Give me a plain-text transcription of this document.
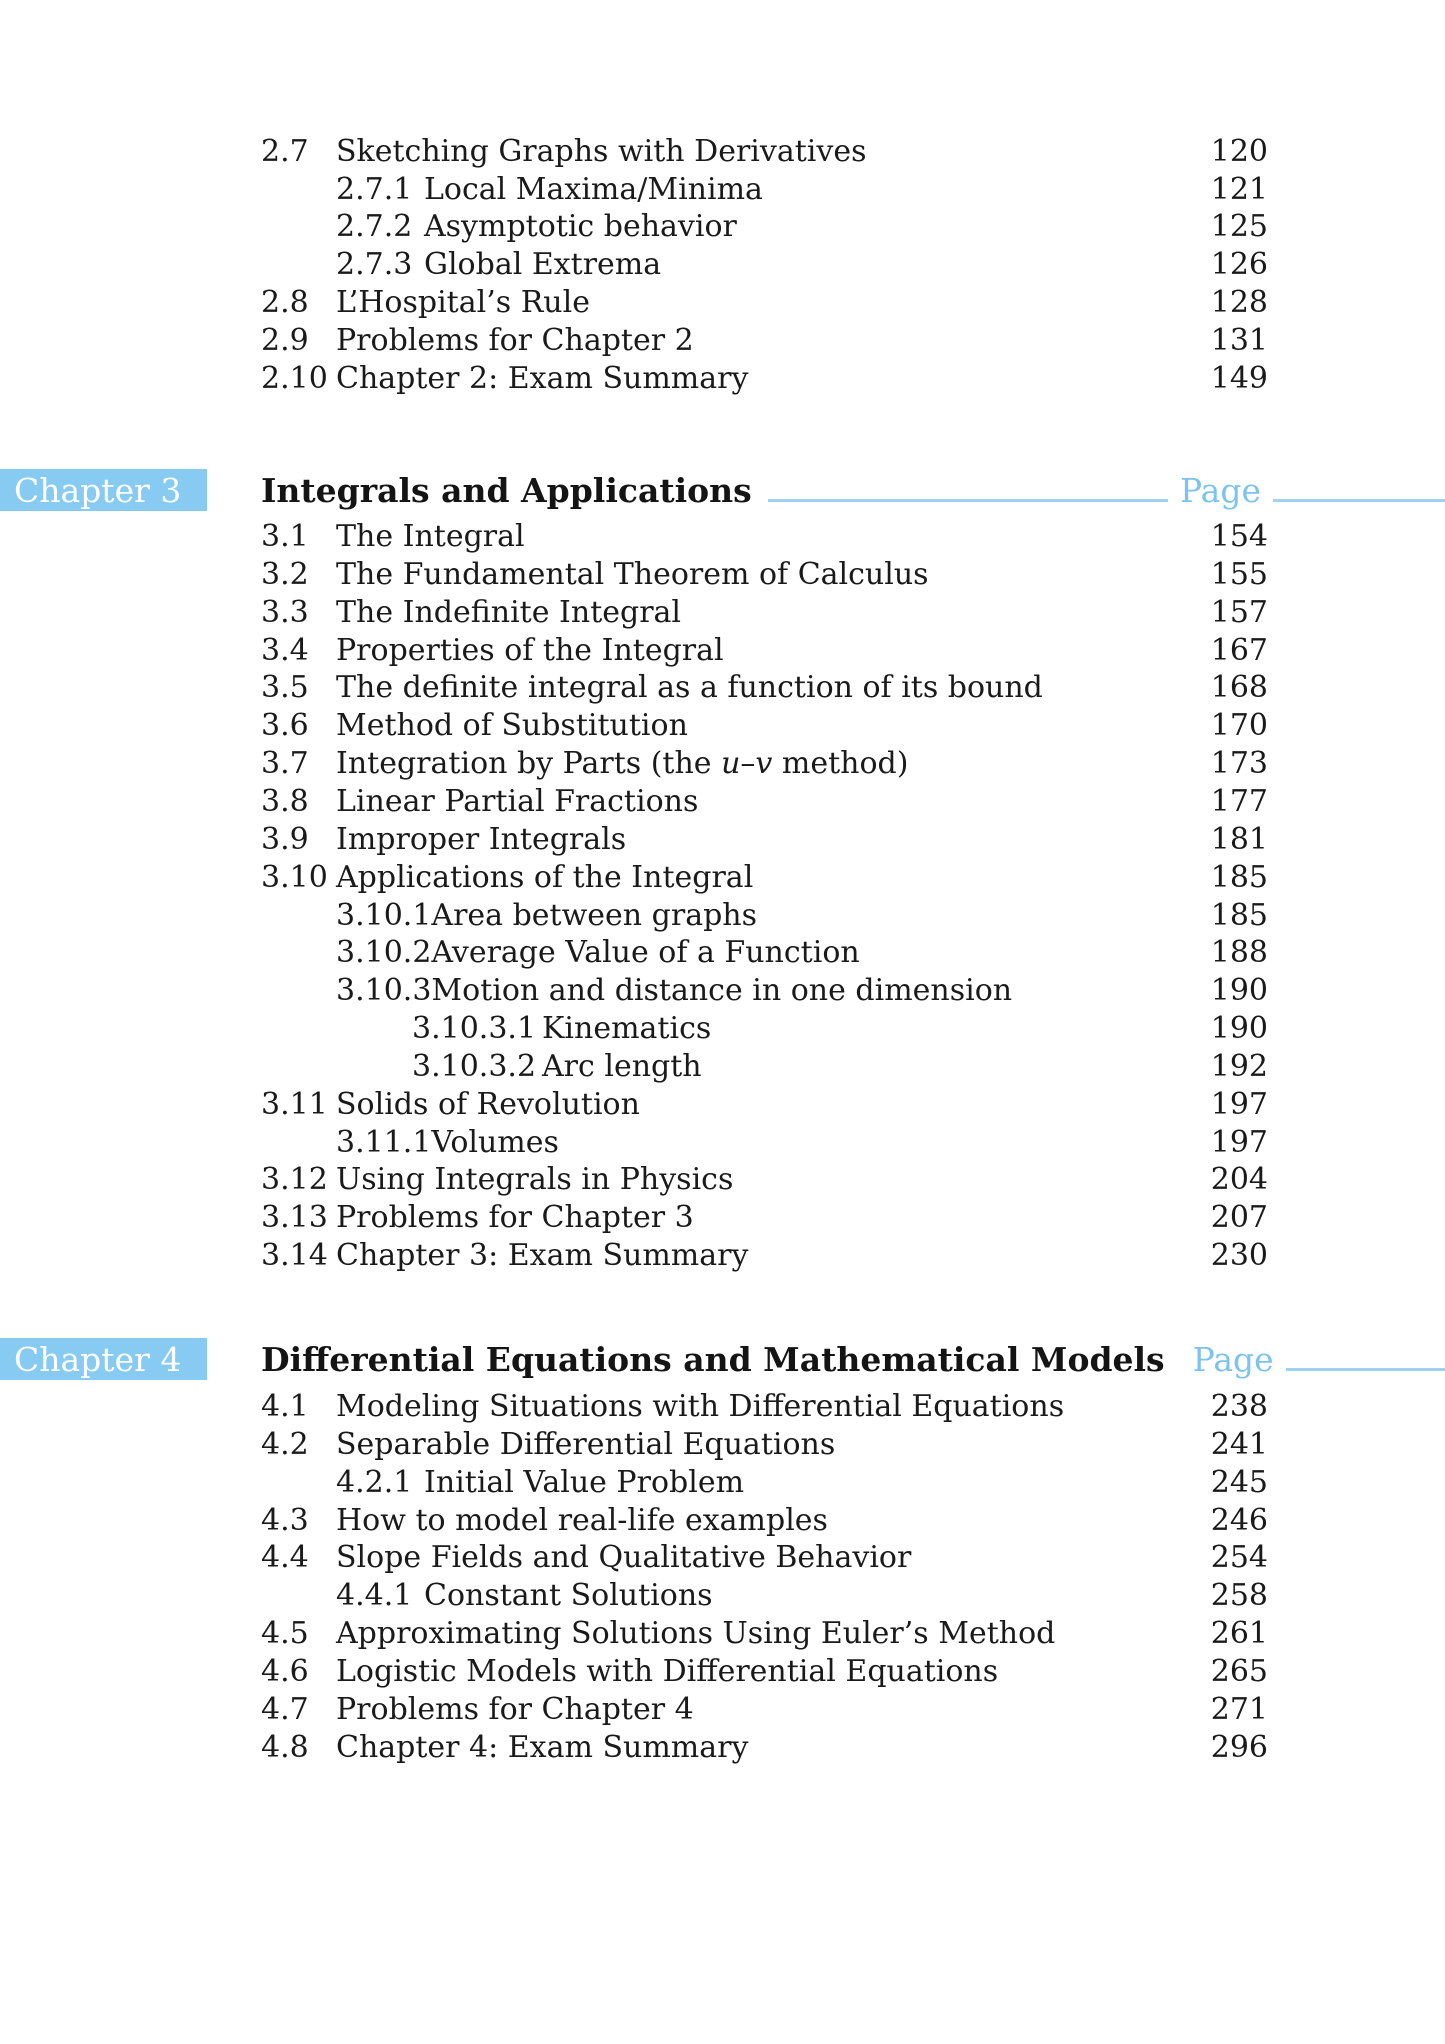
2.7 Sketching Graphs with Derivatives	120
2.7.1 Local Maxima/Minima	121
2.7.2 Asymptotic behavior	125
2.7.3 Global Extrema	126
2.8 L’Hospital’s Rule	128
2.9 Problems for Chapter 2	131
2.10 Chapter 2: Exam Summary	149
Chapter 3 Integrals and Applications	Page
3.1 The Integral	154
3.2 The Fundamental Theorem of Calculus	155
3.3 The Indefinite Integral	157
3.4 Properties of the Integral	167
3.5 The definite integral as a function of its bound	168
3.6 Method of Substitution	170
3.7 Integration by Parts (the u–v method)	173
3.8 Linear Partial Fractions	177
3.9 Improper Integrals	181
3.10 Applications of the Integral	185
3.10.1 Area between graphs	185
3.10.2 Average Value of a Function	188
3.10.3 Motion and distance in one dimension	190
3.10.3.1 Kinematics	190
3.10.3.2 Arc length	192
3.11 Solids of Revolution	197
3.11.1 Volumes	197
3.12 Using Integrals in Physics	204
3.13 Problems for Chapter 3	207
3.14 Chapter 3: Exam Summary	230
Chapter 4 Differential Equations and Mathematical Models Page
4.1 Modeling Situations with Differential Equations	238
4.2 Separable Differential Equations	241
4.2.1 Initial Value Problem	245
4.3 How to model real-life examples	246
4.4 Slope Fields and Qualitative Behavior	254
4.4.1 Constant Solutions	258
4.5 Approximating Solutions Using Euler’s Method	261
4.6 Logistic Models with Differential Equations	265
4.7 Problems for Chapter 4	271
4.8 Chapter 4: Exam Summary	296
